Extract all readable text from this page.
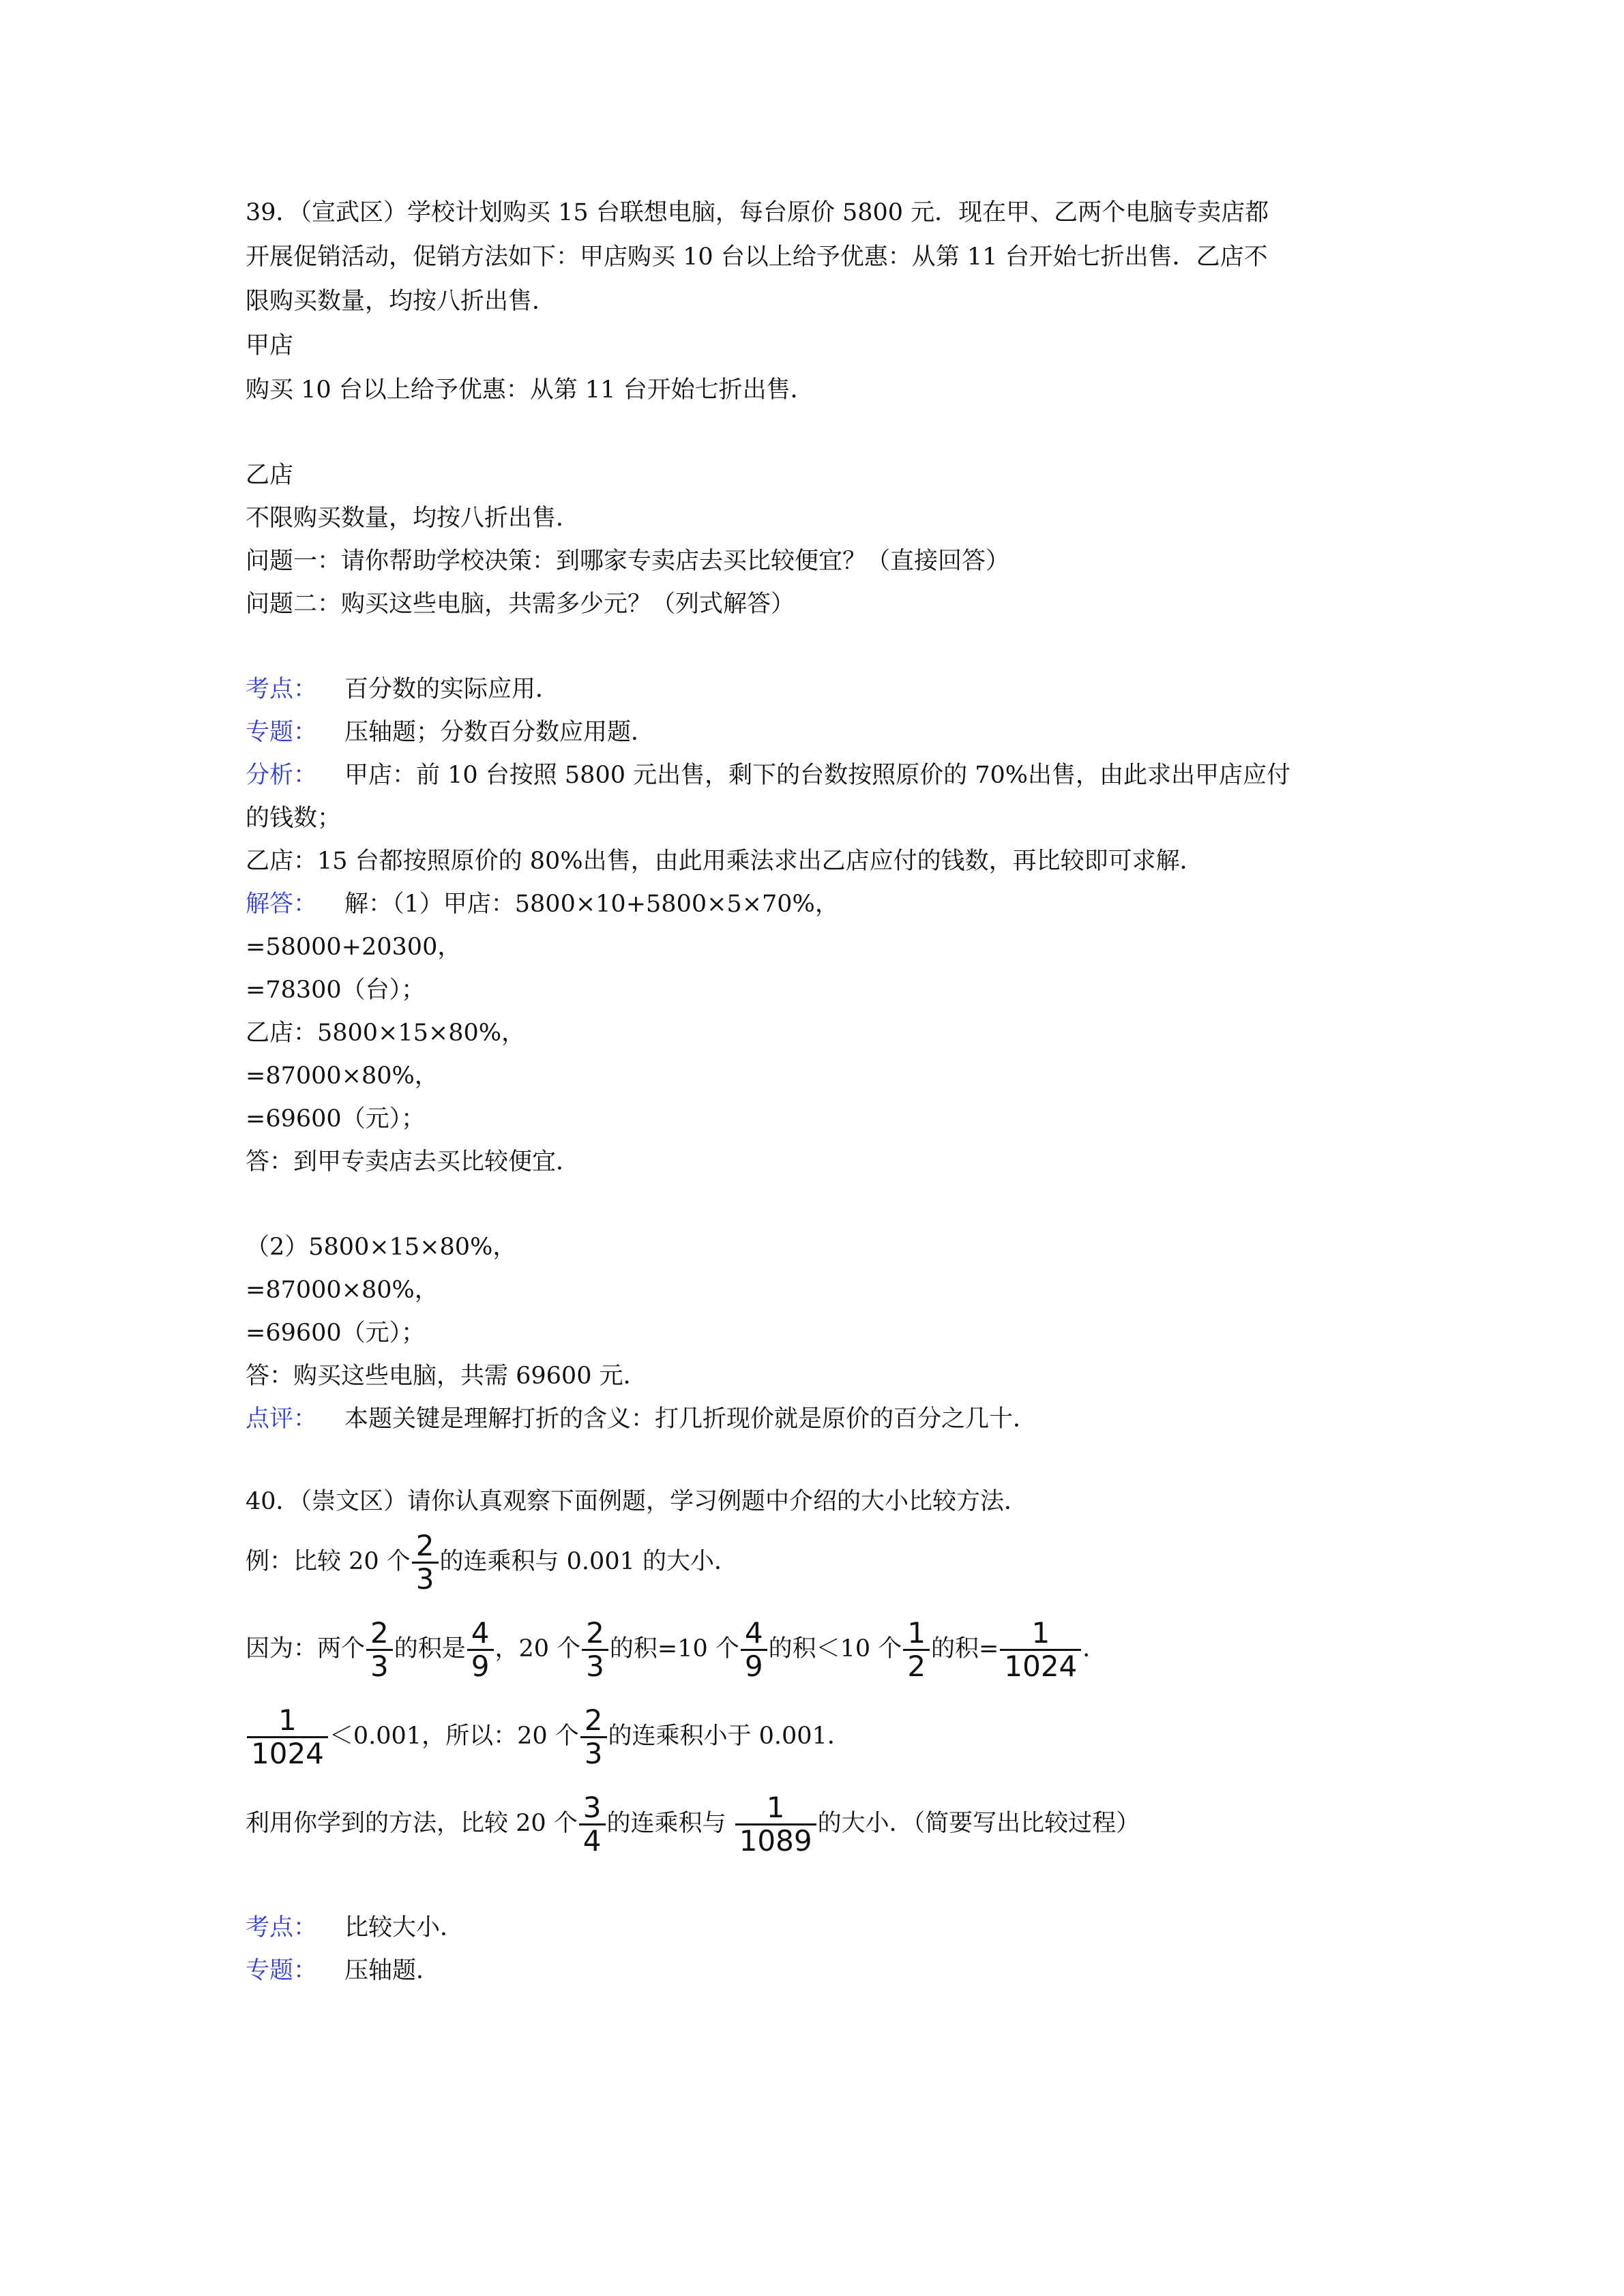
39．（宣武区）学校计划购买 15 台联想电脑，每台原价 5800 元．现在甲、乙两个电脑专卖店都
开展促销活动，促销方法如下：甲店购买 10 台以上给予优惠：从第 11 台开始七折出售．乙店不
限购买数量，均按八折出售．
甲店
购买 10 台以上给予优惠：从第 11 台开始七折出售．
乙店
不限购买数量，均按八折出售．
问题一：请你帮助学校决策：到哪家专卖店去买比较便宜？（直接回答）
问题二：购买这些电脑，共需多少元？（列式解答）
考点： 百分数的实际应用．
专题： 压轴题；分数百分数应用题．
分析： 甲店：前 10 台按照 5800 元出售，剩下的台数按照原价的 70%出售，由此求出甲店应付
的钱数；
乙店：15 台都按照原价的 80%出售，由此用乘法求出乙店应付的钱数，再比较即可求解．
解答： 解：（1）甲店：5800×10+5800×5×70%，
=58000+20300，
=78300（台）；
乙店：5800×15×80%，
=87000×80%，
=69600（元）；
答：到甲专卖店去买比较便宜．
（2）5800×15×80%，
=87000×80%，
=69600（元）；
答：购买这些电脑，共需 69600 元．
点评： 本题关键是理解打折的含义：打几折现价就是原价的百分之几十．
40．（崇文区）请你认真观察下面例题，学习例题中介绍的大小比较方法．
例：比较 20 个 $\frac{2}{3}$ 的连乘积与 0.001 的大小．
因为：两个 $\frac{2}{3}$ 的积是 $\frac{4}{9}$ ，20 个 $\frac{2}{3}$ 的积=10 个 $\frac{4}{9}$ 的积＜10 个 $\frac{1}{2}$ 的积= $\frac{1}{1024}$ ．
$\frac{1}{1024} <0.001$，所以：20 个 $\frac{2}{3}$ 的连乘积小于 0.001．
利用你学到的方法，比较 20 个 $\frac{3}{4}$ 的连乘积与 $\frac{1}{1089}$ 的大小．（简要写出比较过程）
考点： 比较大小．
专题： 压轴题．
